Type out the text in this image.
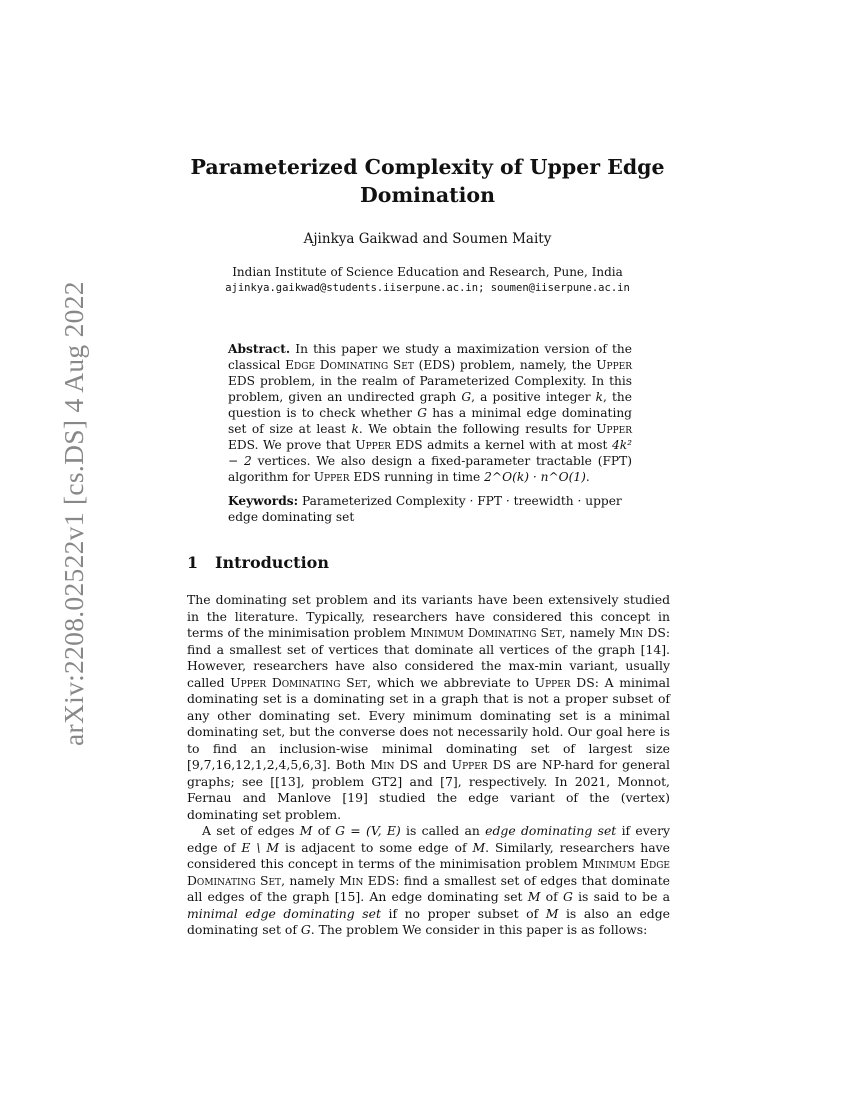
arXiv:2208.02522v1 [cs.DS] 4 Aug 2022
Parameterized Complexity of Upper Edge
Domination
Ajinkya Gaikwad and Soumen Maity
Indian Institute of Science Education and Research, Pune, India
ajinkya.gaikwad@students.iiserpune.ac.in; soumen@iiserpune.ac.in

Abstract. In this paper we study a maximization version of the classical Edge Dominating Set (EDS) problem, namely, the Upper EDS problem, in the realm of Parameterized Complexity. In this problem, given an undirected graph G, a positive integer k, the question is to check whether G has a minimal edge dominating set of size at least k. We obtain the following results for Upper EDS. We prove that Upper EDS admits a kernel with at most 4k² − 2 vertices. We also design a fixed-parameter tractable (FPT) algorithm for Upper EDS running in time 2^O(k) · n^O(1).

Keywords: Parameterized Complexity · FPT · treewidth · upper edge dominating set
1 Introduction

The dominating set problem and its variants have been extensively studied in the literature. Typically, researchers have considered this concept in terms of the minimisation problem Minimum Dominating Set, namely Min DS: find a smallest set of vertices that dominate all vertices of the graph [14]. However, researchers have also considered the max-min variant, usually called Upper Dominating Set, which we abbreviate to Upper DS: A minimal dominating set is a dominating set in a graph that is not a proper subset of any other dominating set. Every minimum dominating set is a minimal dominating set, but the converse does not necessarily hold. Our goal here is to find an inclusion-wise minimal dominating set of largest size [9,7,16,12,1,2,4,5,6,3]. Both Min DS and Upper DS are NP-hard for general graphs; see [[13], problem GT2] and [7], respectively. In 2021, Monnot, Fernau and Manlove [19] studied the edge variant of the (vertex) dominating set problem.

A set of edges M of G = (V, E) is called an edge dominating set if every edge of E \ M is adjacent to some edge of M. Similarly, researchers have considered this concept in terms of the minimisation problem Minimum Edge Dominating Set, namely Min EDS: find a smallest set of edges that dominate all edges of the graph [15]. An edge dominating set M of G is said to be a minimal edge dominating set if no proper subset of M is also an edge dominating set of G. The problem We consider in this paper is as follows:
